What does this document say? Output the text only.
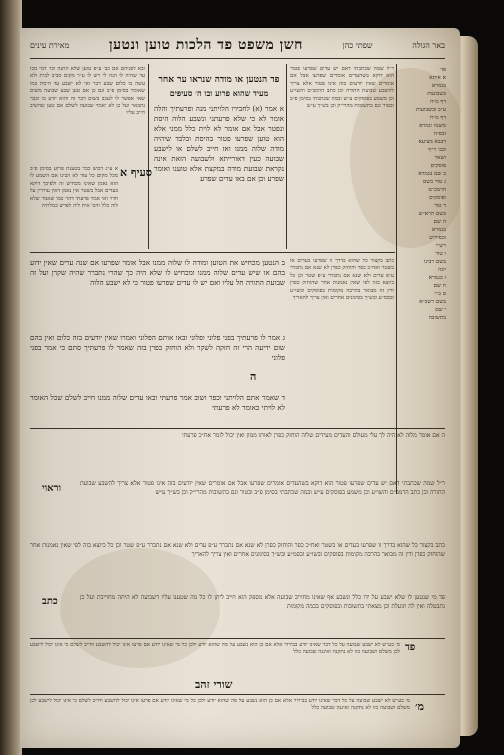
באר הגולה
שפתי כהן
חשן משפט פד הלכות טוען ונטען
מאירת עינים
פד
א איתא
בגמרא
בשבועות
דף מ״ה
ע״ב ובשבועות
דף מ״ח
משנה וגמרא
ובפ״ה
דבבא מציעא
וכב׳ ר״ף
ושאר
פוסקים
ב שם בגמרא
ג טור בשם
הרמב״ם
ופוסקים
ד טור
בשם הרא״ש
ה שם
בגמרא
וכפירוש
רש״י
ו טור
בשם רבינו
יונה
ז בגמרא
ח שם
ט ב״י
בשם רשב״א
י שם
בתשובה
ובא לפניהם אם כב׳ ע״פ טוען שלא התנה וכו׳ דמי מכו עד שהיה לו הגה לי ויש לו ע״ר מקום סביב לבית ולא עשה בו כלום שבע דבר ואי לא ישבע עד היסת כמו שאומר בסימן פ״ב וגם כן אם טען שבע שבועה משום שאי אפשר לו לעכב בשום דבר זה והוא יודע בו וכבר נתבאר ועל כן לא יאמר שבועה לשלם אם טען שהשיב חייב עליו
ר״ל שמה שכתבתי דאם יש עדים שפרעו פטור הוא דוקא בשהעדים אומרים שפרעו אבל אם אומרים שאין יודעים בזה אינו פטור אלא צריך להשבע שבועת התורה וכן כתב הרמב״ם והשו״ע וכן משמע בפוסקים ע״ש ובמה שכתבתי בסימן פ״ב ובטור וגם בתשובות מהרי״ק וכן בש״ך ע״ש
פד הנטען או מודה שנראו ער אחר
מעיד שהוא פרוע ובו ה׳ סעיפים
א אמר (א) לחבירו הלויתני מנה ופרעתיך והלה אומר לא כי שלא פרעתני ונשבע הלוה היסת ונפטר אבל אם אומר לא לוית כלל ממני אלא הוא טוען שפרעו פטור בהיסת ובלבד שיהיה מודה שלוה ממנו ואז חייב לשלם או לישבע שבועה כעין דאורייתא ולשבועה הזאת אינה נקראת שבועת מודה במקצת אלא טוענו ואומר שפרע וכן אם באו עדים שפרע
סעיף א
א ע״ג דבוש כבר בטענת פרוע בסימן פ״ב מכל מקום כל עוד לא הבינו אם השמע לו הוא נאמן שאינו מכחיש זה ולפיכך דוקא בעדים אבל בשטר אין נאמן דאין עוררין על חדר ואי אמר פרעתי דהוי כמו שאמר שלא לוה כלל והכי אית ליה לפרש במלתיה
ב הנטען מכחיש את הטוען ומודה לו שלוה ממנו אבל אומר שפרעו אם שנה ערים שאין ידוע בהם או שיש עדים שלוה ממנו ומכחיש לו שלא היה כך שהרי נתברר שהיה שקרן ועל זה שבועת התורה חל עליו ואם יש לו עדים שפרעו פטור כי לא ישבע הלוה
כתב בקצור כל שהוא בדרך זו שפרעו בעדים או בשטר ואח״כ כפר והוחזק כפרן לא שנא אם נתברר ע״פ עדים ולא שנא אם נתברר ע״פ שטר וכן כל כיוצא בזה לפי שאין נאמנות אחר שהוחזק כפרן ודין זה מבואר בהרבה מקומות בפוסקים ובשו״ע ובסמ״ע ובש״ך בסימנים אחרים ואין צריך להאריך
ג אמר לו פרעתיך בפני פלוני ופלוני ובאו אותם הפלוני ואמרו שאין יודעים בזה כלום ואין בהם שום ידיעה הרי זה חזקה לשקר ולא הוחזק כפרן בזה שאמר לו פרעתיך סתם כי אמר בפני פלוני
ה
ד שאמר אתם הלויתני וכפר ושוב אמר פרעתי ובאו עדים שלוה ממנו חייב לשלם שכל האומר לא לויתי כאומר לא פרעתי
ה אם אומר מלוה לא היה לך עלי מעולם והעדים מעידים שלוה הוחזק כפרן לאותו ממון ואין יכול לומר אח״כ פרעתי
וראוי	ר״ל שמה שכתבתי דאם יש עדים שפרעו פטור הוא דוקא בשהעדים אומרים שפרעו אבל אם אומרים שאין יודעים בזה אינו פטור אלא צריך להשבע שבועת התורה וכן כתב הרמב״ם והשו״ע וכן משמע בפוסקים ע״ש ובמה שכתבתי בסימן פ״ב ובטור וגם בתשובות מהרי״ק וכן בש״ך ע״ש
כתב בקצור כל שהוא בדרך זו שפרעו בעדים או בשטר ואח״כ כפר והוחזק כפרן לא שנא אם נתברר ע״פ עדים ולא שנא אם נתברר ע״פ שטר וכן כל כיוצא בזה לפי שאין נאמנות אחר שהוחזק כפרן ודין זה מבואר בהרבה מקומות בפוסקים ובשו״ע ובסמ״ע ובש״ך בסימנים אחרים ואין צריך להאריך
כתב	פד מי שנטען לו שלא ישבע על ידו כלל ונשבע אף שאינו מחוייב שבועה אלא מספק הוא חייב ליתן לו כל מה שטענו עליו דשבועה לא היתה מחוייבת ועל כן נתבטלה ואין לה תועלת וכן מצאתי בתשובות ובפוסקים בכמה מקומות
פד
מ׳ בע״ש לא ישבע שבועה על כל דבר שאינו יודע בבירור אלא אם כן הוא נשבע על מה שהוא יודע ולכן כל מי שאינו יודע אם פרעו אינו יכול להשבע וחייב לשלם כי אינו יכול לישבע לכן משלם ושבועה כזו לא נתקנה ואיננה שבועה כלל
שורי זהב
מ׳
מ׳ בע״ש לא ישבע שבועה על כל דבר שאינו יודע בבירור אלא אם כן הוא נשבע על מה שהוא יודע ולכן כל מי שאינו יודע אם פרעו אינו יכול להשבע וחייב לשלם כי אינו יכול לישבע לכן משלם ושבועה כזו לא נתקנה ואיננה שבועה כלל
